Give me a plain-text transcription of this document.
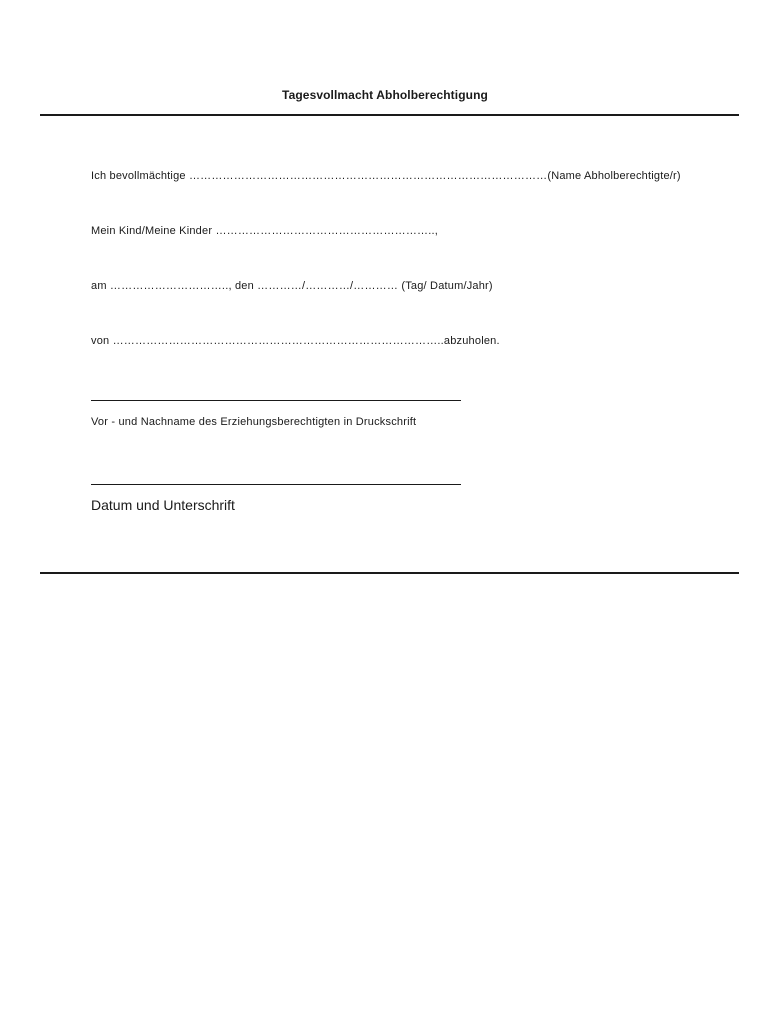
Tagesvollmacht Abholberechtigung
Ich bevollmächtige ……………………………………………………………………………………(Name Abholberechtigte/r)
Mein Kind/Meine Kinder …………………………………………………..,
am ………………………….., den …………/…………/………… (Tag/ Datum/Jahr)
von ……………………………………………………………………………..abzuholen.
Vor - und Nachname des Erziehungsberechtigten in Druckschrift
Datum und Unterschrift
